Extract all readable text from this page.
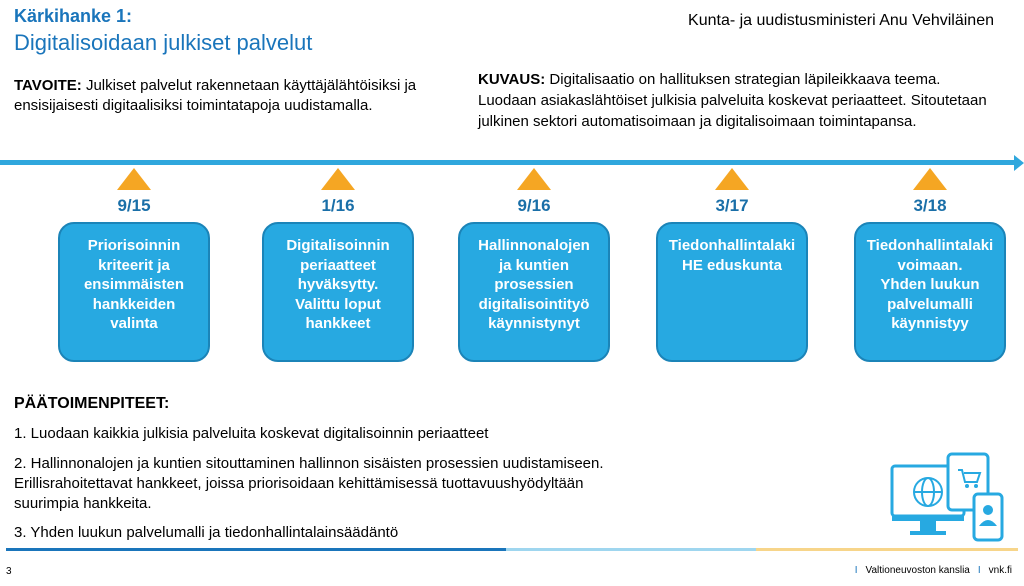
Kärkihanke 1:
Digitalisoidaan julkiset palvelut
Kunta- ja uudistusministeri Anu Vehviläinen
TAVOITE: Julkiset palvelut rakennetaan käyttäjälähtöisiksi ja ensisijaisesti digitaalisiksi toimintatapoja uudistamalla.
KUVAUS: Digitalisaatio on hallituksen strategian läpileikkaava teema. Luodaan asiakaslähtöiset julkisia palveluita koskevat periaatteet. Sitoutetaan julkinen sektori automatisoimaan ja digitalisoimaan toimintapansa.
9/15
Priorisoinnin
kriteerit ja
ensimmäisten
hankkeiden
valinta
1/16
Digitalisoinnin
periaatteet
hyväksytty.
Valittu loput
hankkeet
9/16
Hallinnonalojen
ja kuntien
prosessien
digitalisointityö
käynnistynyt
3/17
Tiedonhallintalaki
HE eduskunta
3/18
Tiedonhallintalaki
voimaan.
Yhden luukun
palvelumalli
käynnistyy
PÄÄTOIMENPITEET:
1. Luodaan kaikkia julkisia palveluita koskevat digitalisoinnin periaatteet
2. Hallinnonalojen ja kuntien sitouttaminen hallinnon sisäisten prosessien uudistamiseen.
Erillisrahoitettavat hankkeet, joissa priorisoidaan kehittämisessä tuottavuushyödyltään
suurimpia hankkeita.
3. Yhden luukun palvelumalli ja tiedonhallintalainsäädäntö
3	I Valtioneuvoston kanslia I vnk.fi
